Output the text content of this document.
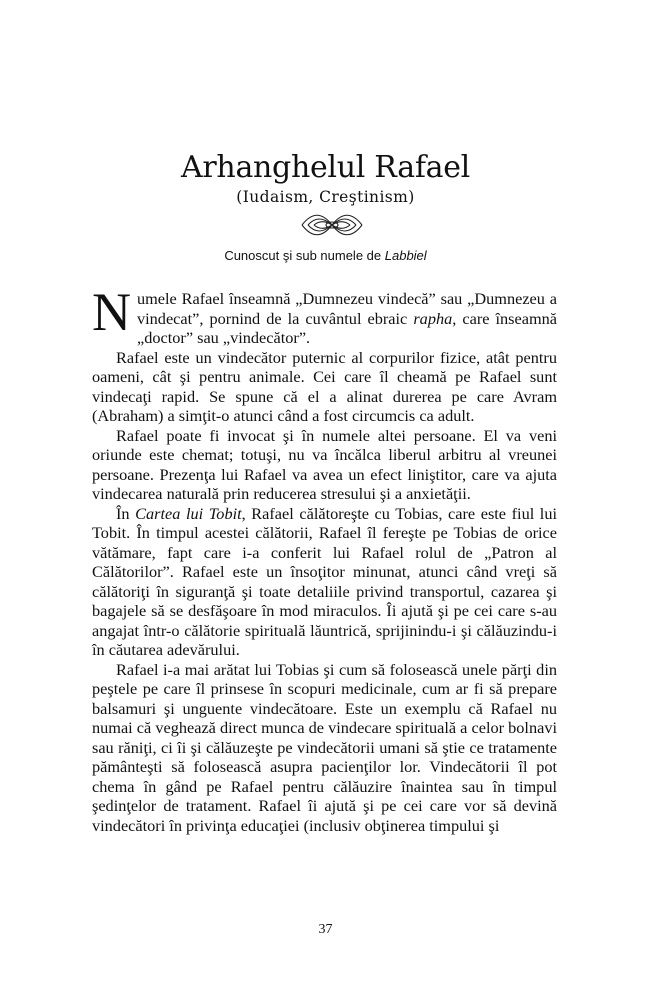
Arhanghelul Rafael
(Iudaism, Creştinism)
Cunoscut şi sub numele de Labbiel

Numele Rafael înseamnă „Dumnezeu vindecă” sau „Dumnezeu a vindecat”, pornind de la cuvântul ebraic rapha, care înseamnă „doctor” sau „vindecător”.

Rafael este un vindecător puternic al corpurilor fizice, atât pentru oameni, cât şi pentru animale. Cei care îl cheamă pe Rafael sunt vindecaţi rapid. Se spune că el a alinat durerea pe care Avram (Abraham) a simţit-o atunci când a fost circumcis ca adult.

Rafael poate fi invocat şi în numele altei persoane. El va veni oriunde este chemat; totuşi, nu va încălca liberul arbitru al vreunei persoane. Prezenţa lui Rafael va avea un efect liniştitor, care va ajuta vindecarea naturală prin reducerea stresului şi a anxietăţii.

În Cartea lui Tobit, Rafael călătoreşte cu Tobias, care este fiul lui Tobit. În timpul acestei călătorii, Rafael îl fereşte pe Tobias de orice vătămare, fapt care i-a conferit lui Rafael rolul de „Patron al Călătorilor”. Rafael este un însoţitor minunat, atunci când vreţi să călătoriţi în siguranţă şi toate detaliile privind transportul, cazarea şi bagajele să se desfăşoare în mod miraculos. Îi ajută şi pe cei care s-au angajat într-o călătorie spirituală lăuntrică, sprijinindu-i şi călăuzindu-i în căutarea adevărului.

Rafael i-a mai arătat lui Tobias şi cum să folosească unele părţi din peştele pe care îl prinsese în scopuri medicinale, cum ar fi să prepare balsamuri şi unguente vindecătoare. Este un exemplu că Rafael nu numai că veghează direct munca de vindecare spirituală a celor bolnavi sau răniţi, ci îi şi călăuzeşte pe vindecătorii umani să ştie ce tratamente pământeşti să folosească asupra pacienţilor lor. Vindecătorii îl pot chema în gând pe Rafael pentru călăuzire înaintea sau în timpul şedinţelor de tratament. Rafael îi ajută şi pe cei care vor să devină vindecători în privinţa educaţiei (inclusiv obţinerea timpului şi

37
